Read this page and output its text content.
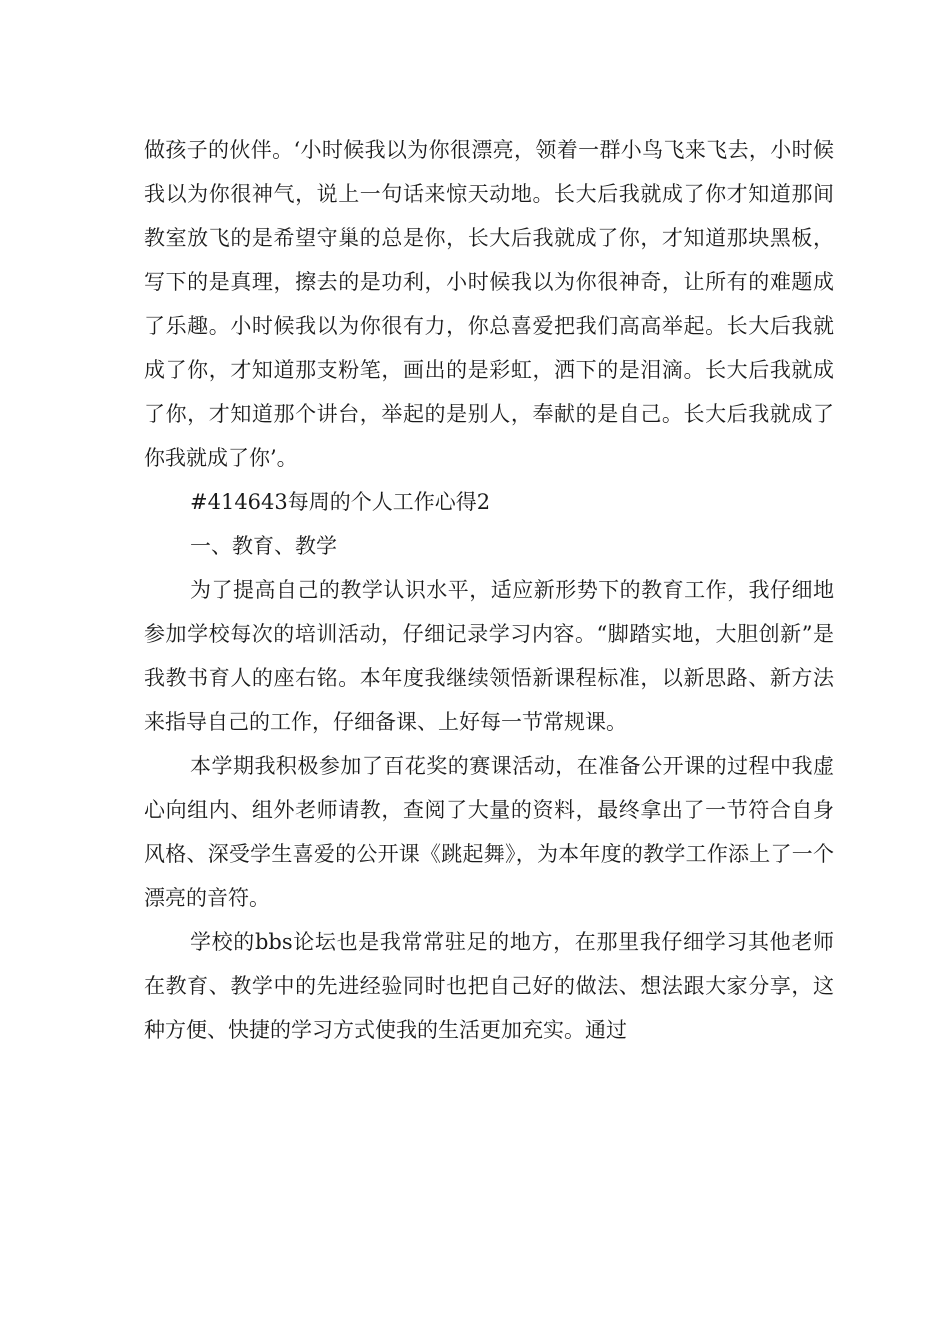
做孩子的伙伴。‘小时候我以为你很漂亮，领着一群小鸟飞来飞去，小时候我以为你很神气，说上一句话来惊天动地。长大后我就成了你才知道那间教室放飞的是希望守巢的总是你，长大后我就成了你，才知道那块黑板，写下的是真理，擦去的是功利，小时候我以为你很神奇，让所有的难题成了乐趣。小时候我以为你很有力，你总喜爱把我们高高举起。长大后我就成了你，才知道那支粉笔，画出的是彩虹，洒下的是泪滴。长大后我就成了你，才知道那个讲台，举起的是别人，奉献的是自己。长大后我就成了你我就成了你’。

#414643每周的个人工作心得2

一、教育、教学

为了提高自己的教学认识水平，适应新形势下的教育工作，我仔细地参加学校每次的培训活动，仔细记录学习内容。“脚踏实地，大胆创新”是我教书育人的座右铭。本年度我继续领悟新课程标准，以新思路、新方法来指导自己的工作，仔细备课、上好每一节常规课。

本学期我积极参加了百花奖的赛课活动，在准备公开课的过程中我虚心向组内、组外老师请教，查阅了大量的资料，最终拿出了一节符合自身风格、深受学生喜爱的公开课《跳起舞》，为本年度的教学工作添上了一个漂亮的音符。

学校的bbs论坛也是我常常驻足的地方，在那里我仔细学习其他老师在教育、教学中的先进经验同时也把自己好的做法、想法跟大家分享，这种方便、快捷的学习方式使我的生活更加充实。通过
